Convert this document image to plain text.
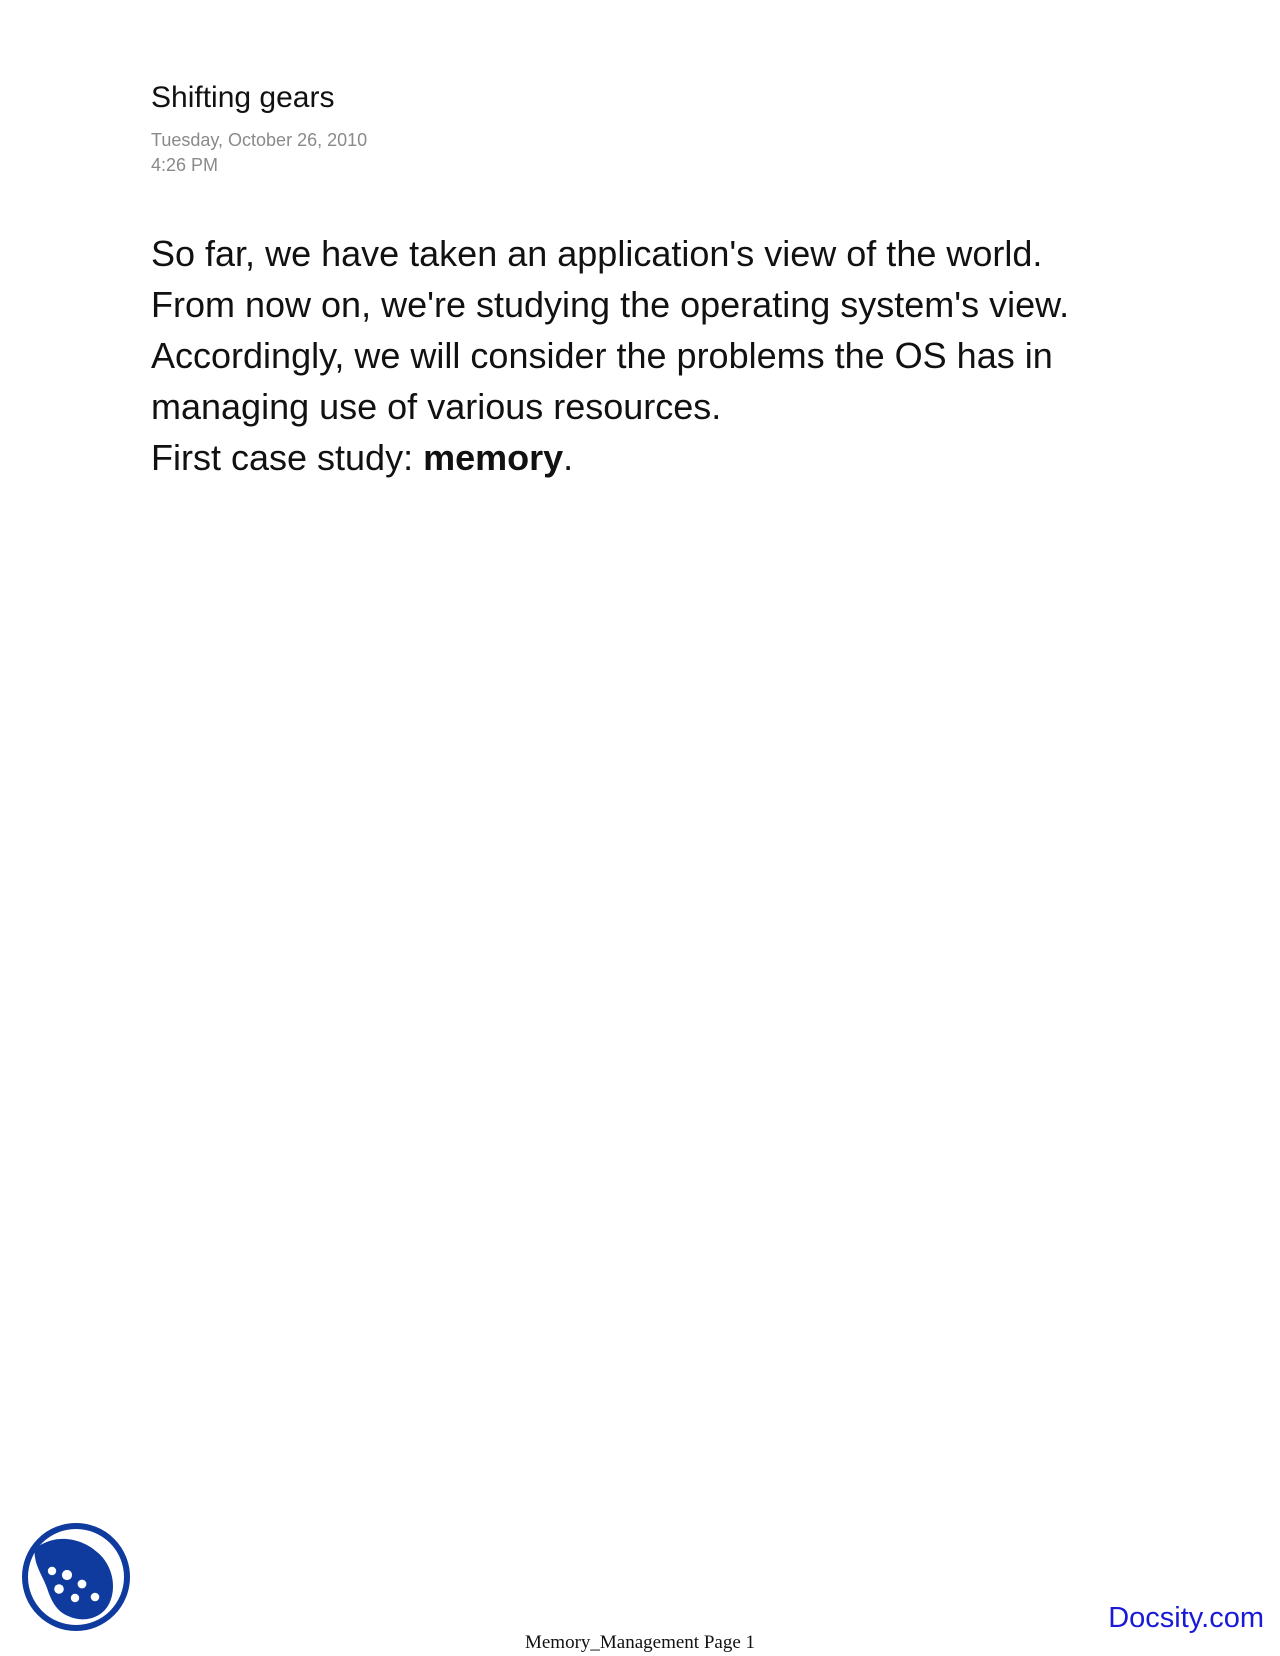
Shifting gears
Tuesday, October 26, 2010
4:26 PM
So far, we have taken an application's view of the world.
From now on, we're studying the operating system's view.
Accordingly, we will consider the problems the OS has in
managing use of various resources.
First case study: memory.
Docsity.com
Memory_Management Page 1
